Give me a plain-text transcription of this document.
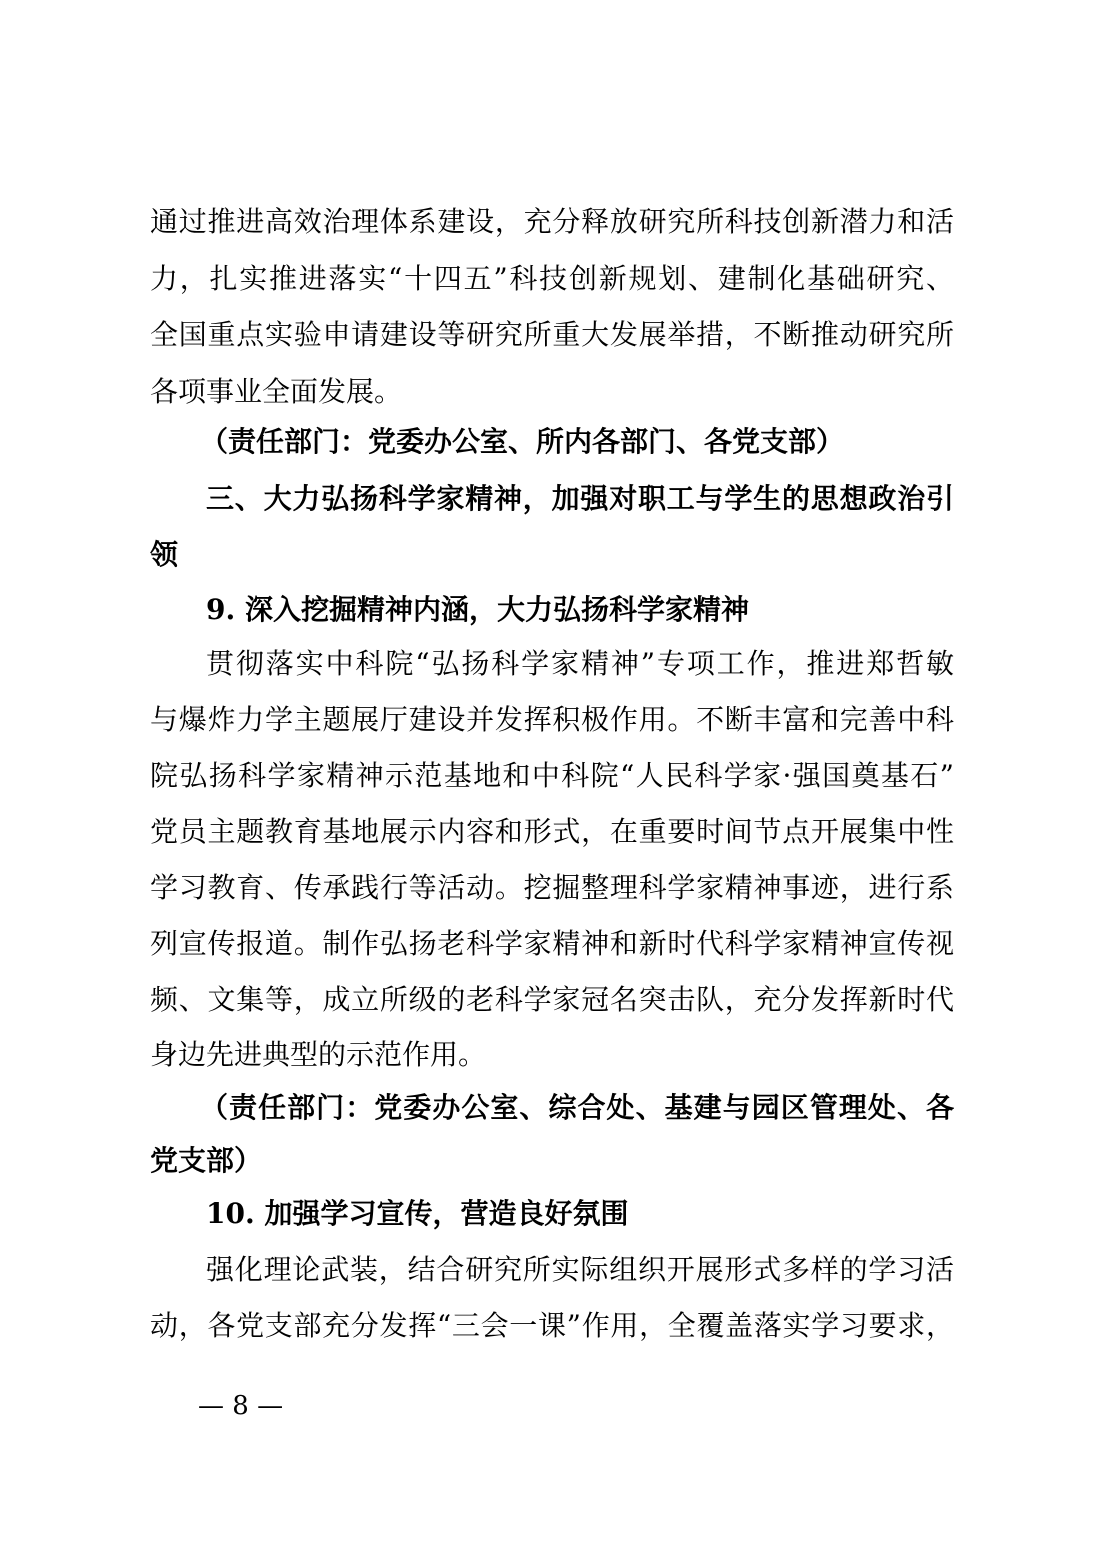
通过推进高效治理体系建设，充分释放研究所科技创新潜力和活
力，扎实推进落实“十四五”科技创新规划、建制化基础研究、
全国重点实验申请建设等研究所重大发展举措，不断推动研究所
各项事业全面发展。
（责任部门：党委办公室、所内各部门、各党支部）
三、大力弘扬科学家精神，加强对职工与学生的思想政治引
领
9. 深入挖掘精神内涵，大力弘扬科学家精神
贯彻落实中科院“弘扬科学家精神”专项工作，推进郑哲敏
与爆炸力学主题展厅建设并发挥积极作用。不断丰富和完善中科
院弘扬科学家精神示范基地和中科院“人民科学家·强国奠基石”
党员主题教育基地展示内容和形式，在重要时间节点开展集中性
学习教育、传承践行等活动。挖掘整理科学家精神事迹，进行系
列宣传报道。制作弘扬老科学家精神和新时代科学家精神宣传视
频、文集等，成立所级的老科学家冠名突击队，充分发挥新时代
身边先进典型的示范作用。
（责任部门：党委办公室、综合处、基建与园区管理处、各
党支部）
10. 加强学习宣传，营造良好氛围
强化理论武装，结合研究所实际组织开展形式多样的学习活
动，各党支部充分发挥“三会一课”作用，全覆盖落实学习要求，
— 8 —
